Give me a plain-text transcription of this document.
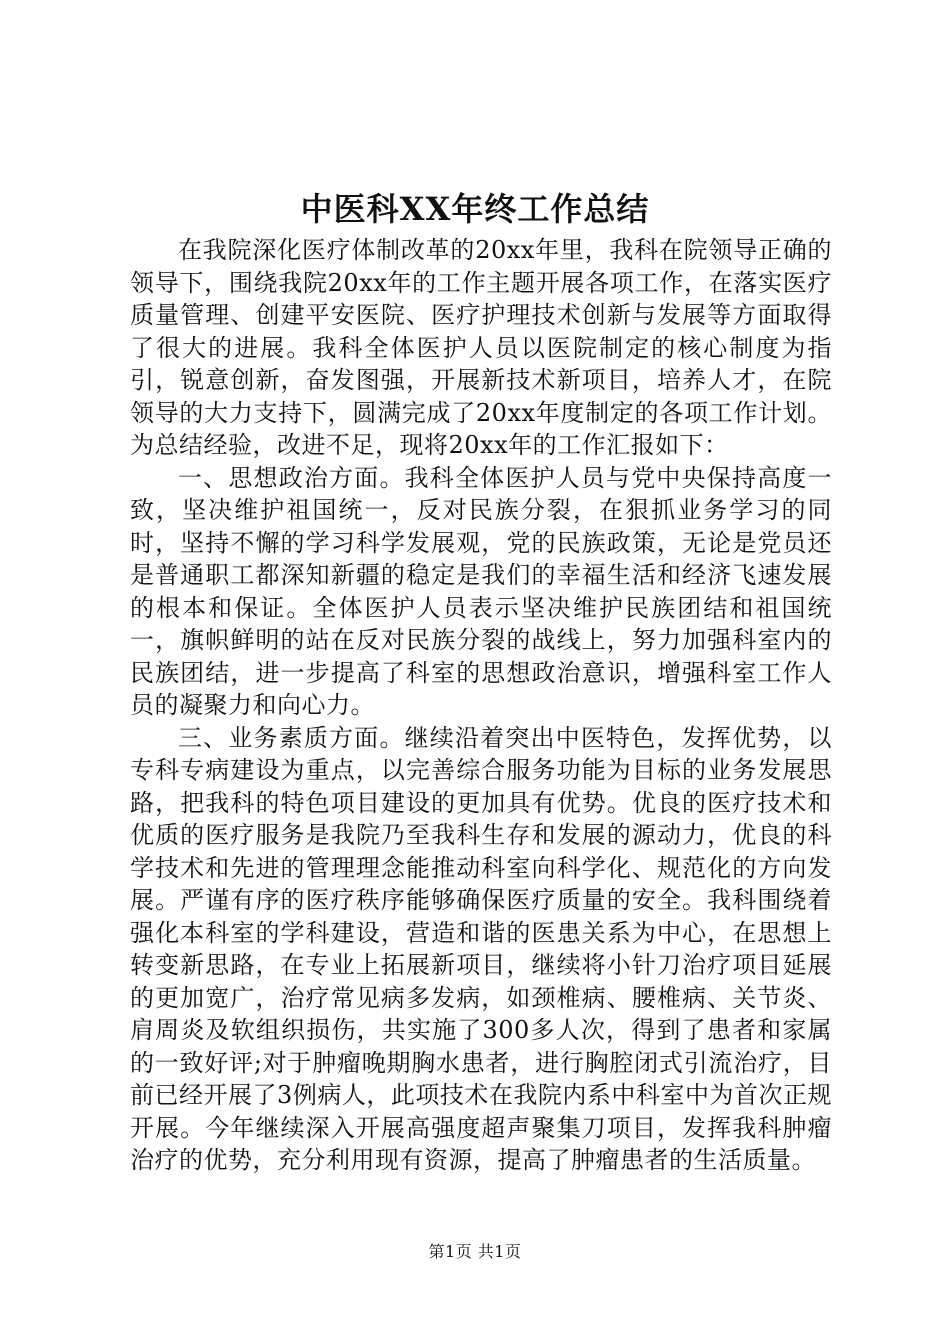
中医科XX年终工作总结

在我院深化医疗体制改革的20xx年里，我科在院领导正确的领导下，围绕我院20xx年的工作主题开展各项工作，在落实医疗质量管理、创建平安医院、医疗护理技术创新与发展等方面取得了很大的进展。我科全体医护人员以医院制定的核心制度为指引，锐意创新，奋发图强，开展新技术新项目，培养人才，在院领导的大力支持下，圆满完成了20xx年度制定的各项工作计划。为总结经验，改进不足，现将20xx年的工作汇报如下：

一、思想政治方面。我科全体医护人员与党中央保持高度一致，坚决维护祖国统一，反对民族分裂，在狠抓业务学习的同时，坚持不懈的学习科学发展观，党的民族政策，无论是党员还是普通职工都深知新疆的稳定是我们的幸福生活和经济飞速发展的根本和保证。全体医护人员表示坚决维护民族团结和祖国统一，旗帜鲜明的站在反对民族分裂的战线上，努力加强科室内的民族团结，进一步提高了科室的思想政治意识，增强科室工作人员的凝聚力和向心力。

三、业务素质方面。继续沿着突出中医特色，发挥优势，以专科专病建设为重点，以完善综合服务功能为目标的业务发展思路，把我科的特色项目建设的更加具有优势。优良的医疗技术和优质的医疗服务是我院乃至我科生存和发展的源动力，优良的科学技术和先进的管理理念能推动科室向科学化、规范化的方向发展。严谨有序的医疗秩序能够确保医疗质量的安全。我科围绕着强化本科室的学科建设，营造和谐的医患关系为中心，在思想上转变新思路，在专业上拓展新项目，继续将小针刀治疗项目延展的更加宽广，治疗常见病多发病，如颈椎病、腰椎病、关节炎、肩周炎及软组织损伤，共实施了300多人次，得到了患者和家属的一致好评;对于肿瘤晚期胸水患者，进行胸腔闭式引流治疗，目前已经开展了3例病人，此项技术在我院内系中科室中为首次正规开展。今年继续深入开展高强度超声聚集刀项目，发挥我科肿瘤治疗的优势，充分利用现有资源，提高了肿瘤患者的生活质量。

第1页 共1页
